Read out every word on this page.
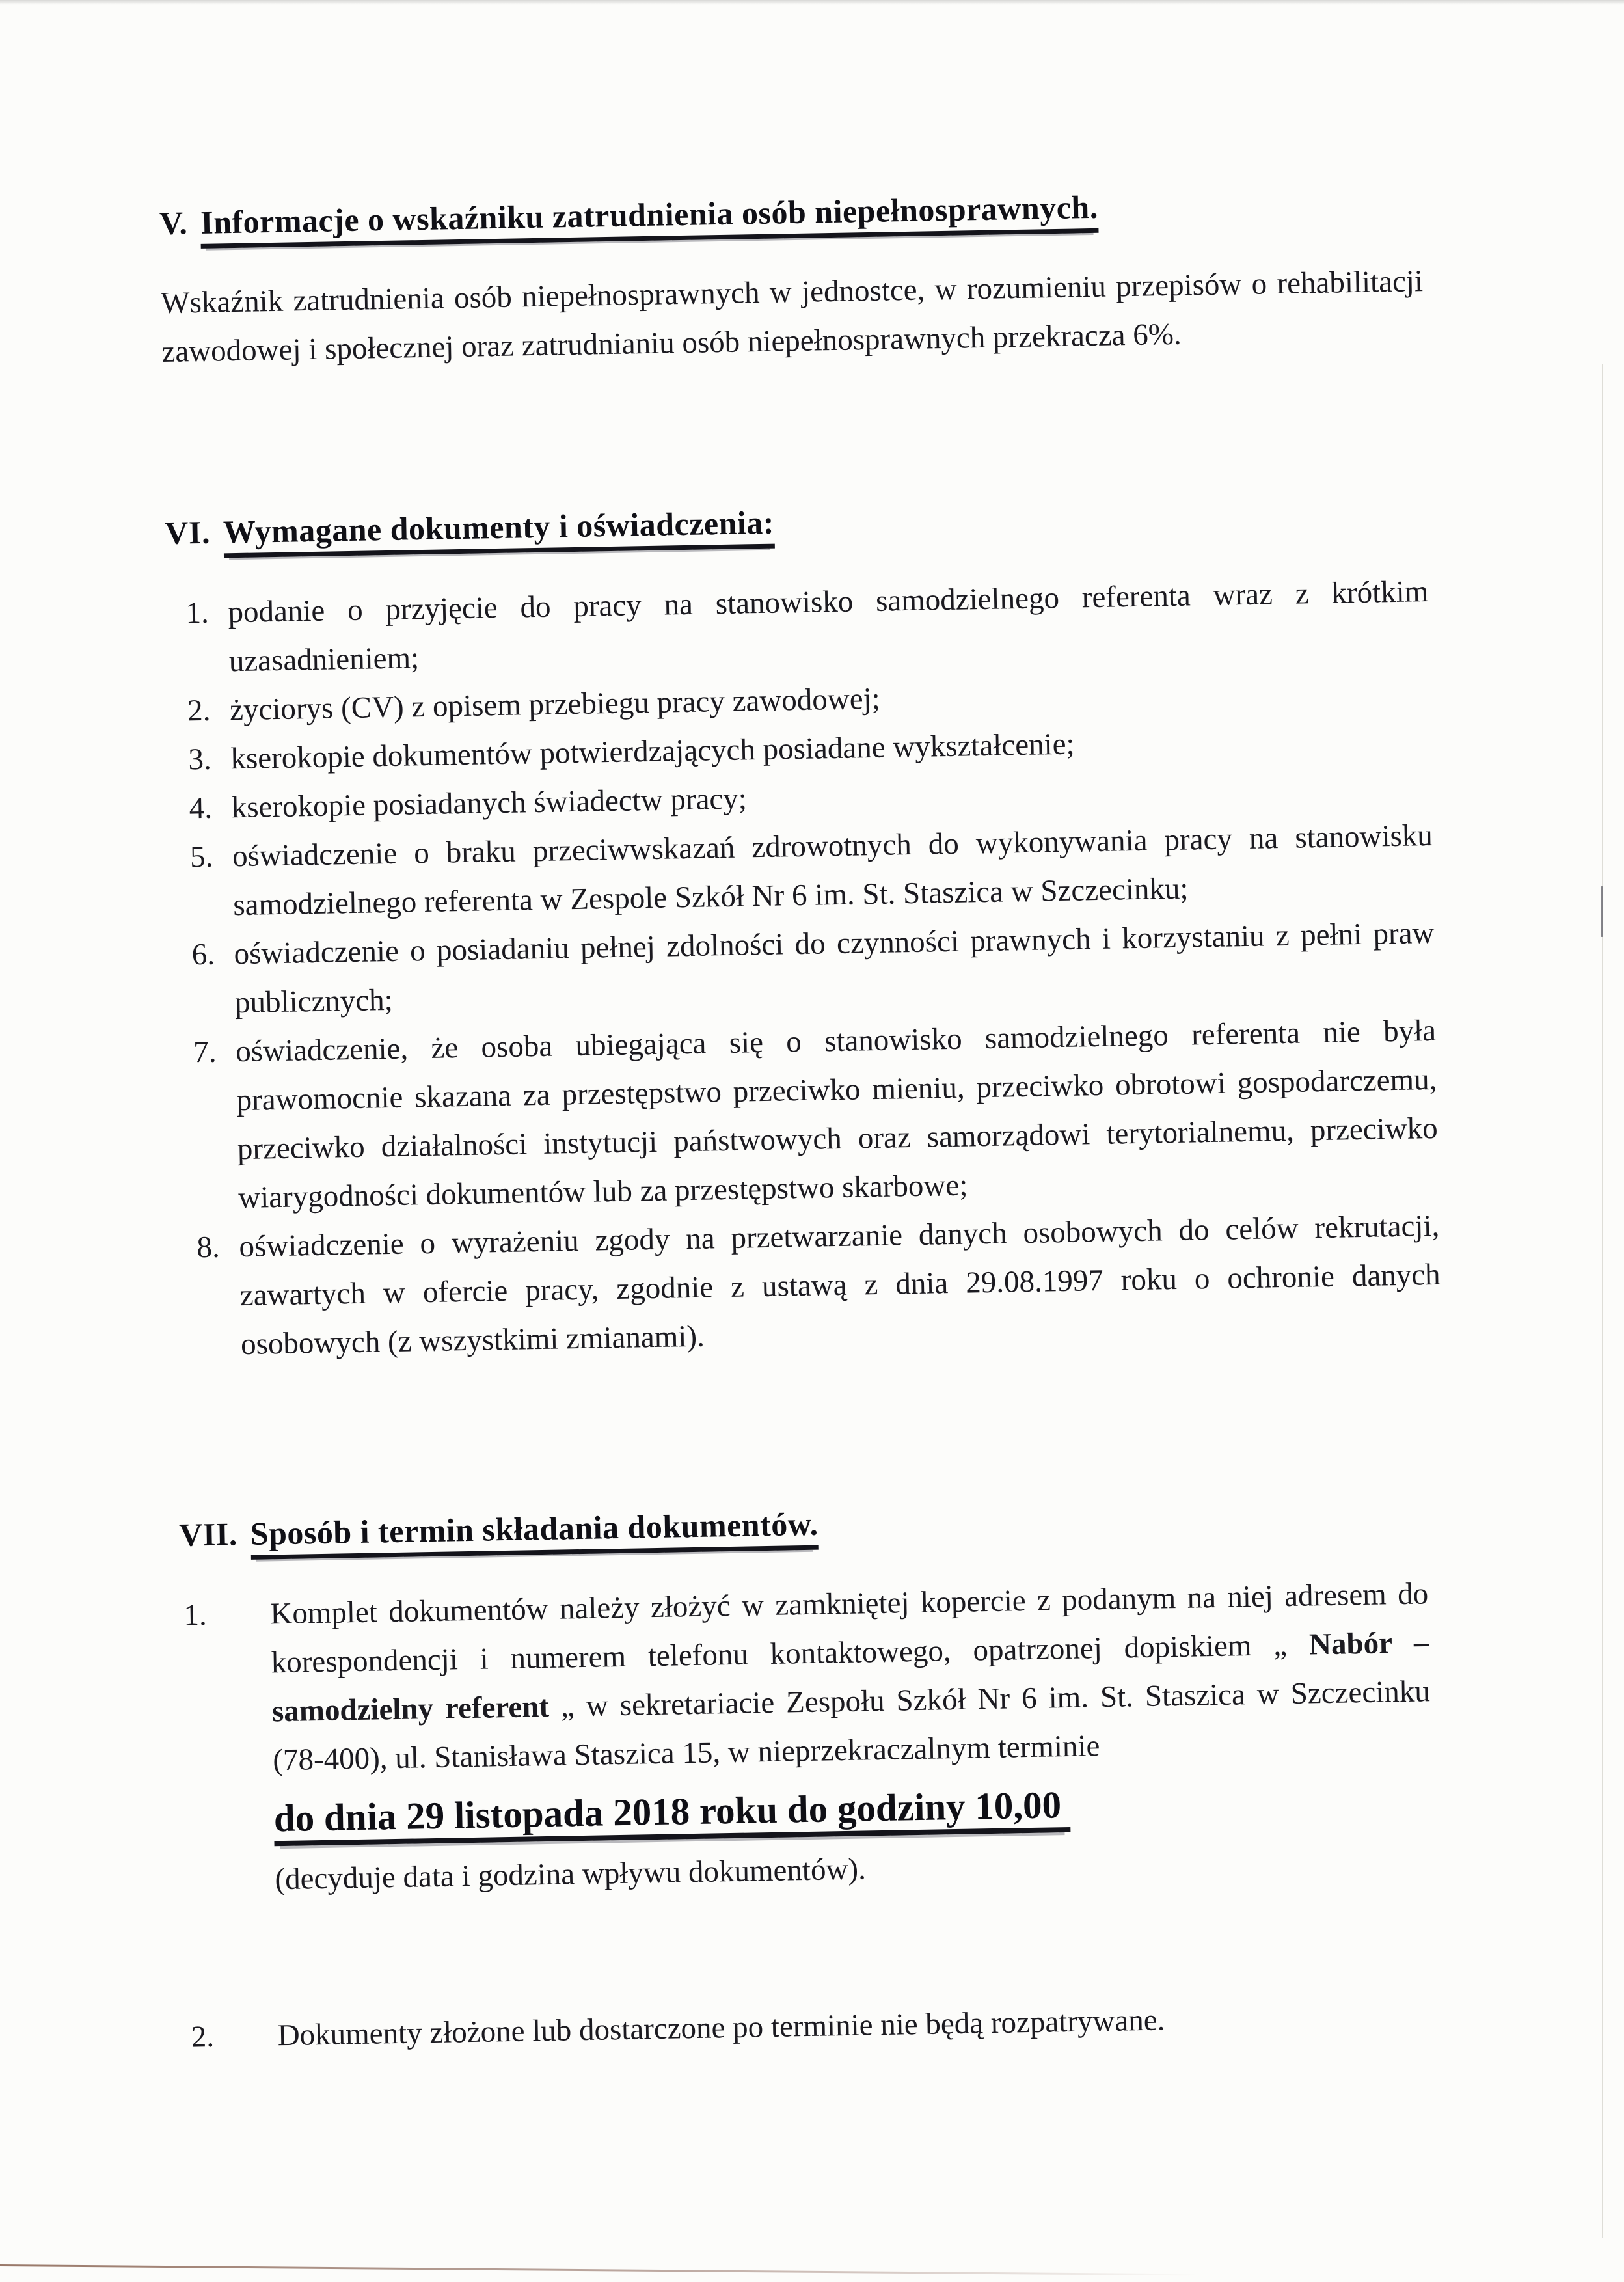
V. Informacje o wskaźniku zatrudnienia osób niepełnosprawnych.

Wskaźnik zatrudnienia osób niepełnosprawnych w jednostce, w rozumieniu przepisów o rehabilitacji zawodowej i społecznej oraz zatrudnianiu osób niepełnosprawnych przekracza 6%.

VI. Wymagane dokumenty i oświadczenia:
1. podanie o przyjęcie do pracy na stanowisko samodzielnego referenta wraz z krótkim uzasadnieniem;
2. życiorys (CV) z opisem przebiegu pracy zawodowej;
3. kserokopie dokumentów potwierdzających posiadane wykształcenie;
4. kserokopie posiadanych świadectw pracy;
5. oświadczenie o braku przeciwwskazań zdrowotnych do wykonywania pracy na stanowisku samodzielnego referenta w Zespole Szkół Nr 6 im. St. Staszica w Szczecinku;
6. oświadczenie o posiadaniu pełnej zdolności do czynności prawnych i korzystaniu z pełni praw publicznych;
7. oświadczenie, że osoba ubiegająca się o stanowisko samodzielnego referenta nie była prawomocnie skazana za przestępstwo przeciwko mieniu, przeciwko obrotowi gospodarczemu, przeciwko działalności instytucji państwowych oraz samorządowi terytorialnemu, przeciwko wiarygodności dokumentów lub za przestępstwo skarbowe;
8. oświadczenie o wyrażeniu zgody na przetwarzanie danych osobowych do celów rekrutacji, zawartych w ofercie pracy, zgodnie z ustawą z dnia 29.08.1997 roku o ochronie danych osobowych (z wszystkimi zmianami).
VII. Sposób i termin składania dokumentów.
1.	Komplet dokumentów należy złożyć w zamkniętej kopercie z podanym na niej adresem do korespondencji i numerem telefonu kontaktowego, opatrzonej dopiskiem „ Nabór – samodzielny referent „ w sekretariacie Zespołu Szkół Nr 6 im. St. Staszica w Szczecinku (78-400), ul. Stanisława Staszica 15, w nieprzekraczalnym terminie
do dnia 29 listopada 2018 roku do godziny 10,00
(decyduje data i godzina wpływu dokumentów).
2.	Dokumenty złożone lub dostarczone po terminie nie będą rozpatrywane.
